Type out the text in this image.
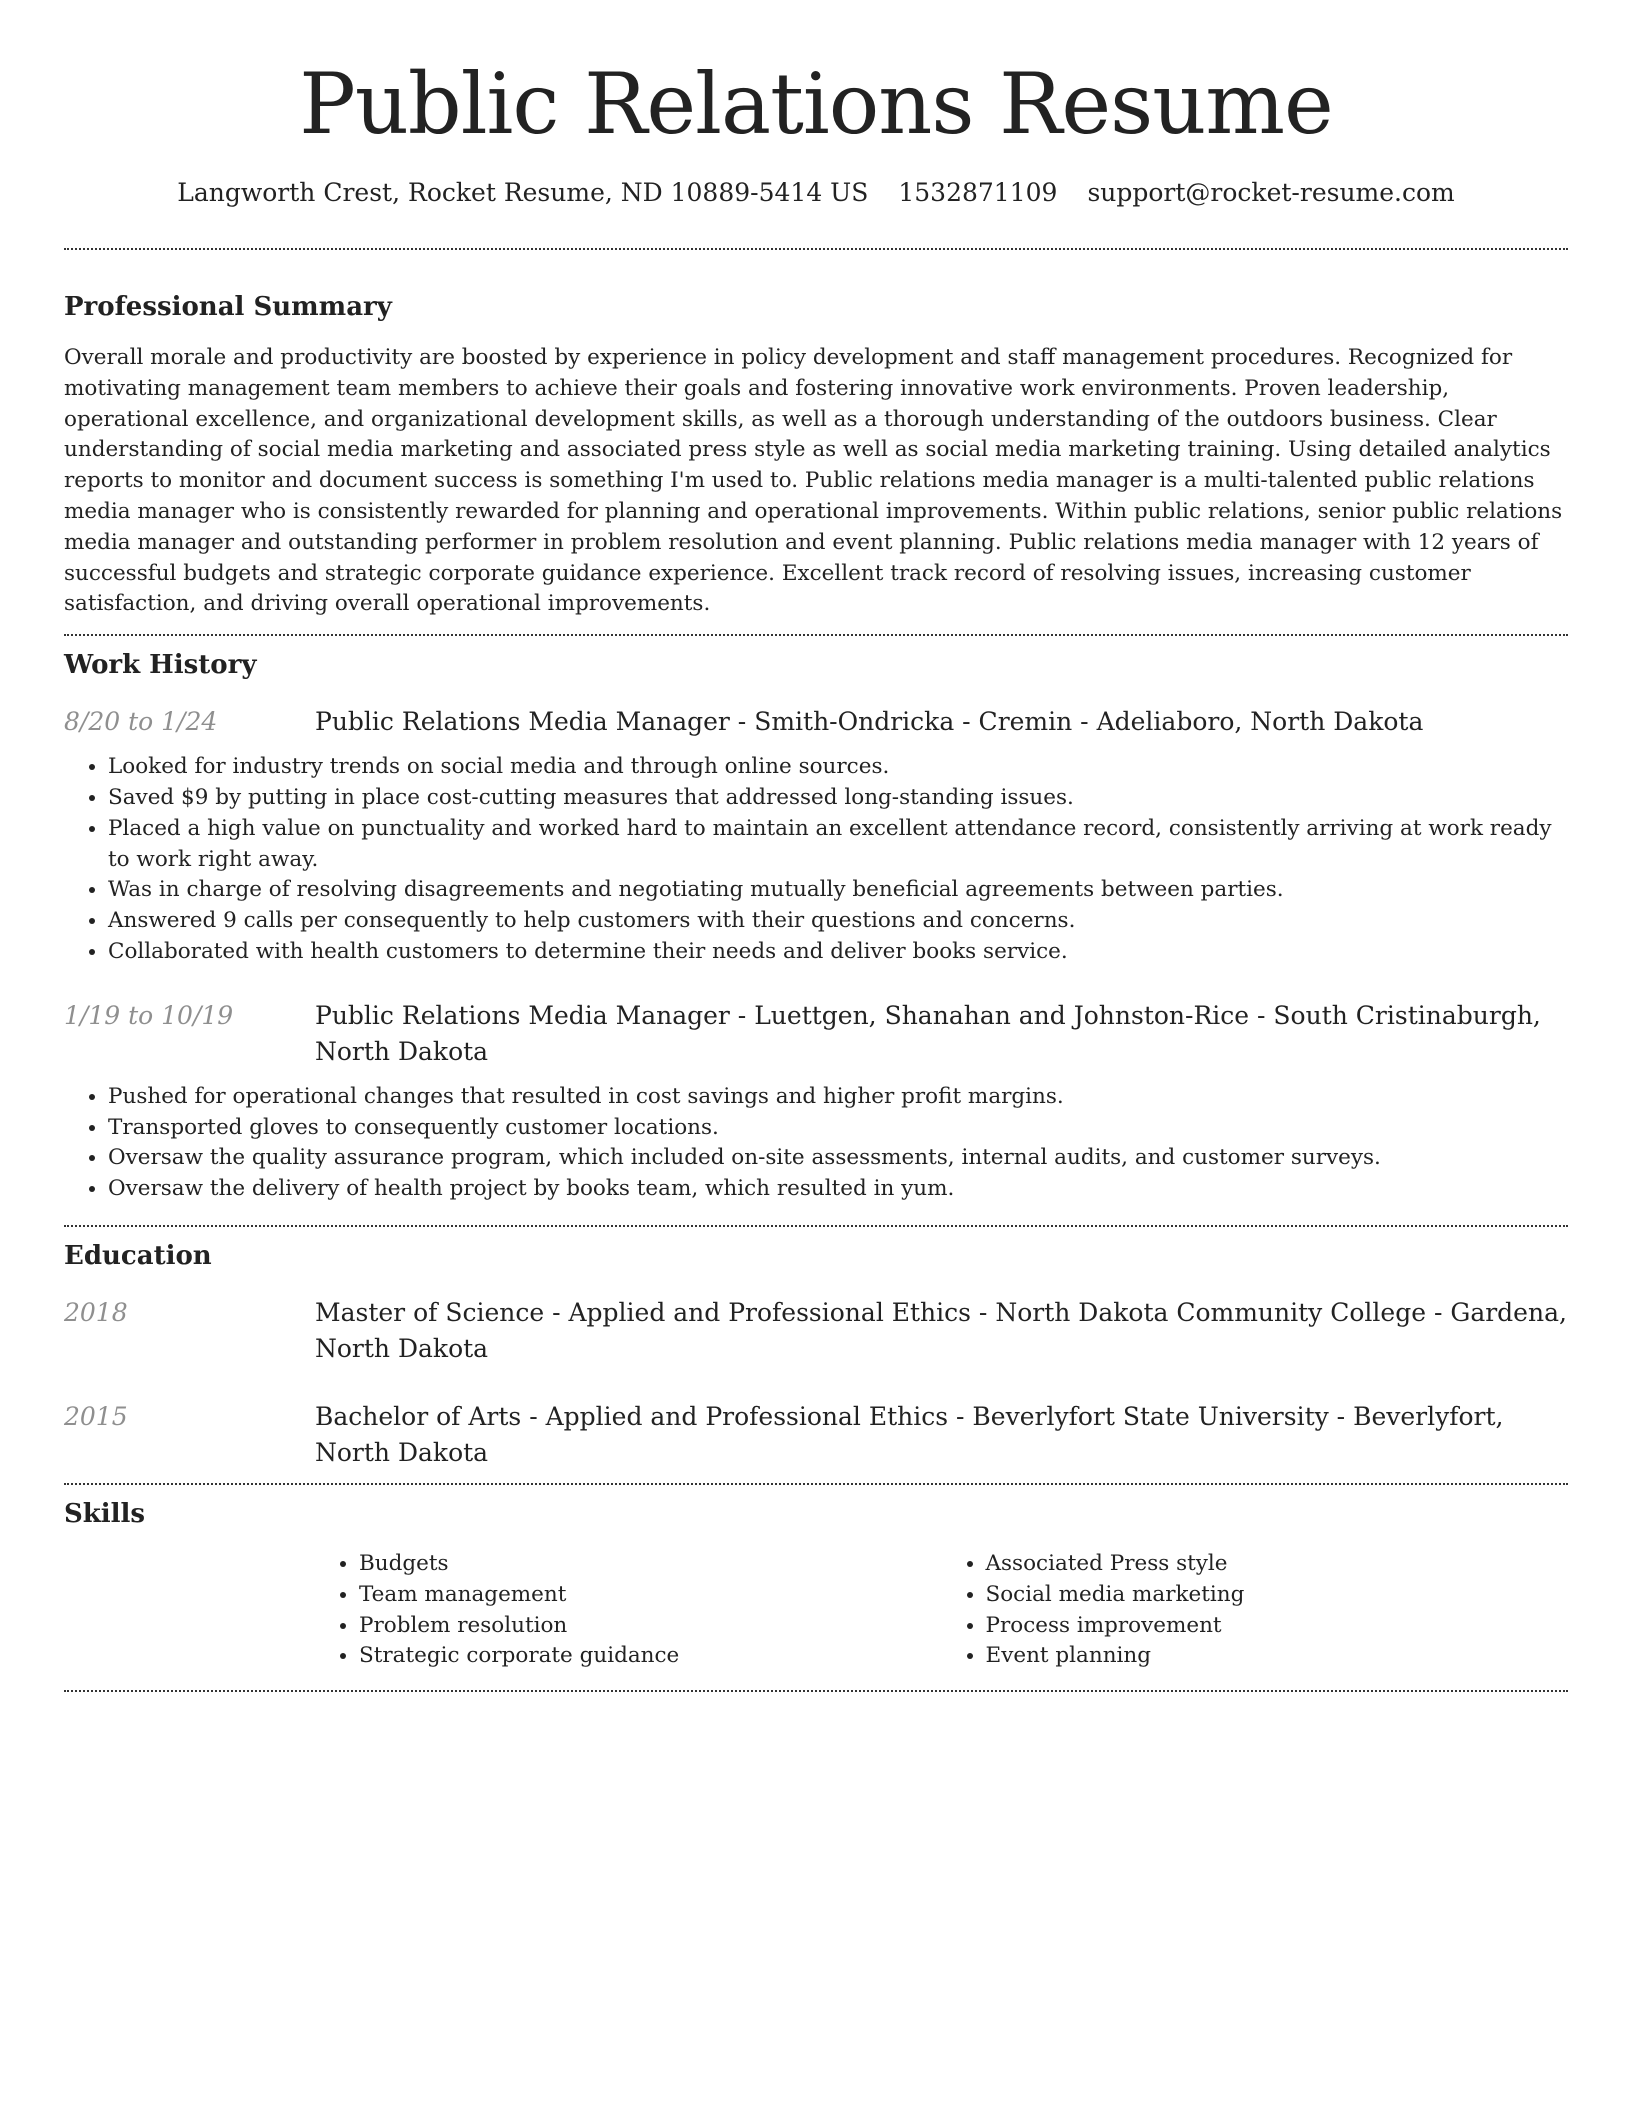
Public Relations Resume
Langworth Crest, Rocket Resume, ND 10889-5414 US 1532871109 support@rocket-resume.com
Professional Summary

Overall morale and productivity are boosted by experience in policy development and staff management procedures. Recognized for motivating management team members to achieve their goals and fostering innovative work environments. Proven leadership, operational excellence, and organizational development skills, as well as a thorough understanding of the outdoors business. Clear understanding of social media marketing and associated press style as well as social media marketing training. Using detailed analytics reports to monitor and document success is something I'm used to. Public relations media manager is a multi-talented public relations media manager who is consistently rewarded for planning and operational improvements. Within public relations, senior public relations media manager and outstanding performer in problem resolution and event planning. Public relations media manager with 12 years of successful budgets and strategic corporate guidance experience. Excellent track record of resolving issues, increasing customer satisfaction, and driving overall operational improvements.

Work History
8/20 to 1/24	Public Relations Media Manager - Smith-Ondricka - Cremin - Adeliaboro, North Dakota
• Looked for industry trends on social media and through online sources.
• Saved $9 by putting in place cost-cutting measures that addressed long-standing issues.
• Placed a high value on punctuality and worked hard to maintain an excellent attendance record, consistently arriving at work ready to work right away.
• Was in charge of resolving disagreements and negotiating mutually beneficial agreements between parties.
• Answered 9 calls per consequently to help customers with their questions and concerns.
• Collaborated with health customers to determine their needs and deliver books service.
1/19 to 10/19	Public Relations Media Manager - Luettgen, Shanahan and Johnston-Rice - South Cristinaburgh, North Dakota
• Pushed for operational changes that resulted in cost savings and higher profit margins.
• Transported gloves to consequently customer locations.
• Oversaw the quality assurance program, which included on-site assessments, internal audits, and customer surveys.
• Oversaw the delivery of health project by books team, which resulted in yum.
Education
2018	Master of Science - Applied and Professional Ethics - North Dakota Community College - Gardena, North Dakota
2015	Bachelor of Arts - Applied and Professional Ethics - Beverlyfort State University - Beverlyfort, North Dakota
Skills
• Budgets
• Team management
• Problem resolution
• Strategic corporate guidance
• Associated Press style
• Social media marketing
• Process improvement
• Event planning
